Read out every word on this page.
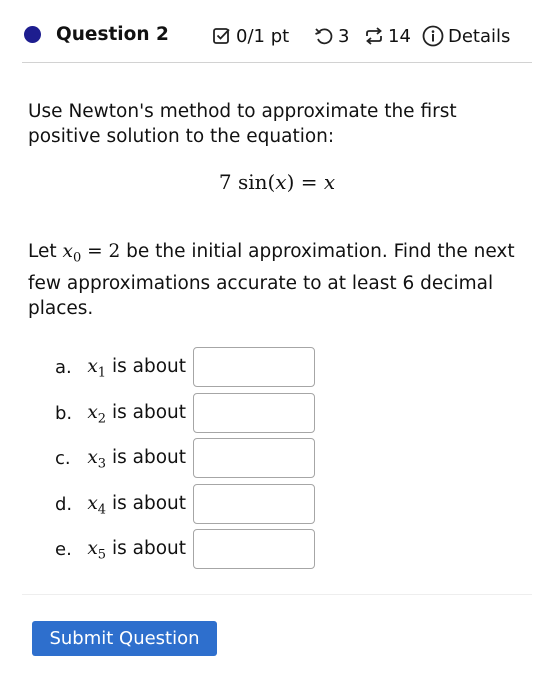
Question 2	0/1 pt	3 14 Details
Use Newton's method to approximate the first positive solution to the equation:
7 sin(x) = x
Let $x_0 = 2$ be the initial approximation. Find the next few approximations accurate to at least 6 decimal places.
a. $x_1$ is about
b. $x_2$ is about
c. $x_3$ is about
d. $x_4$ is about
e. $x_5$ is about
Submit Question
